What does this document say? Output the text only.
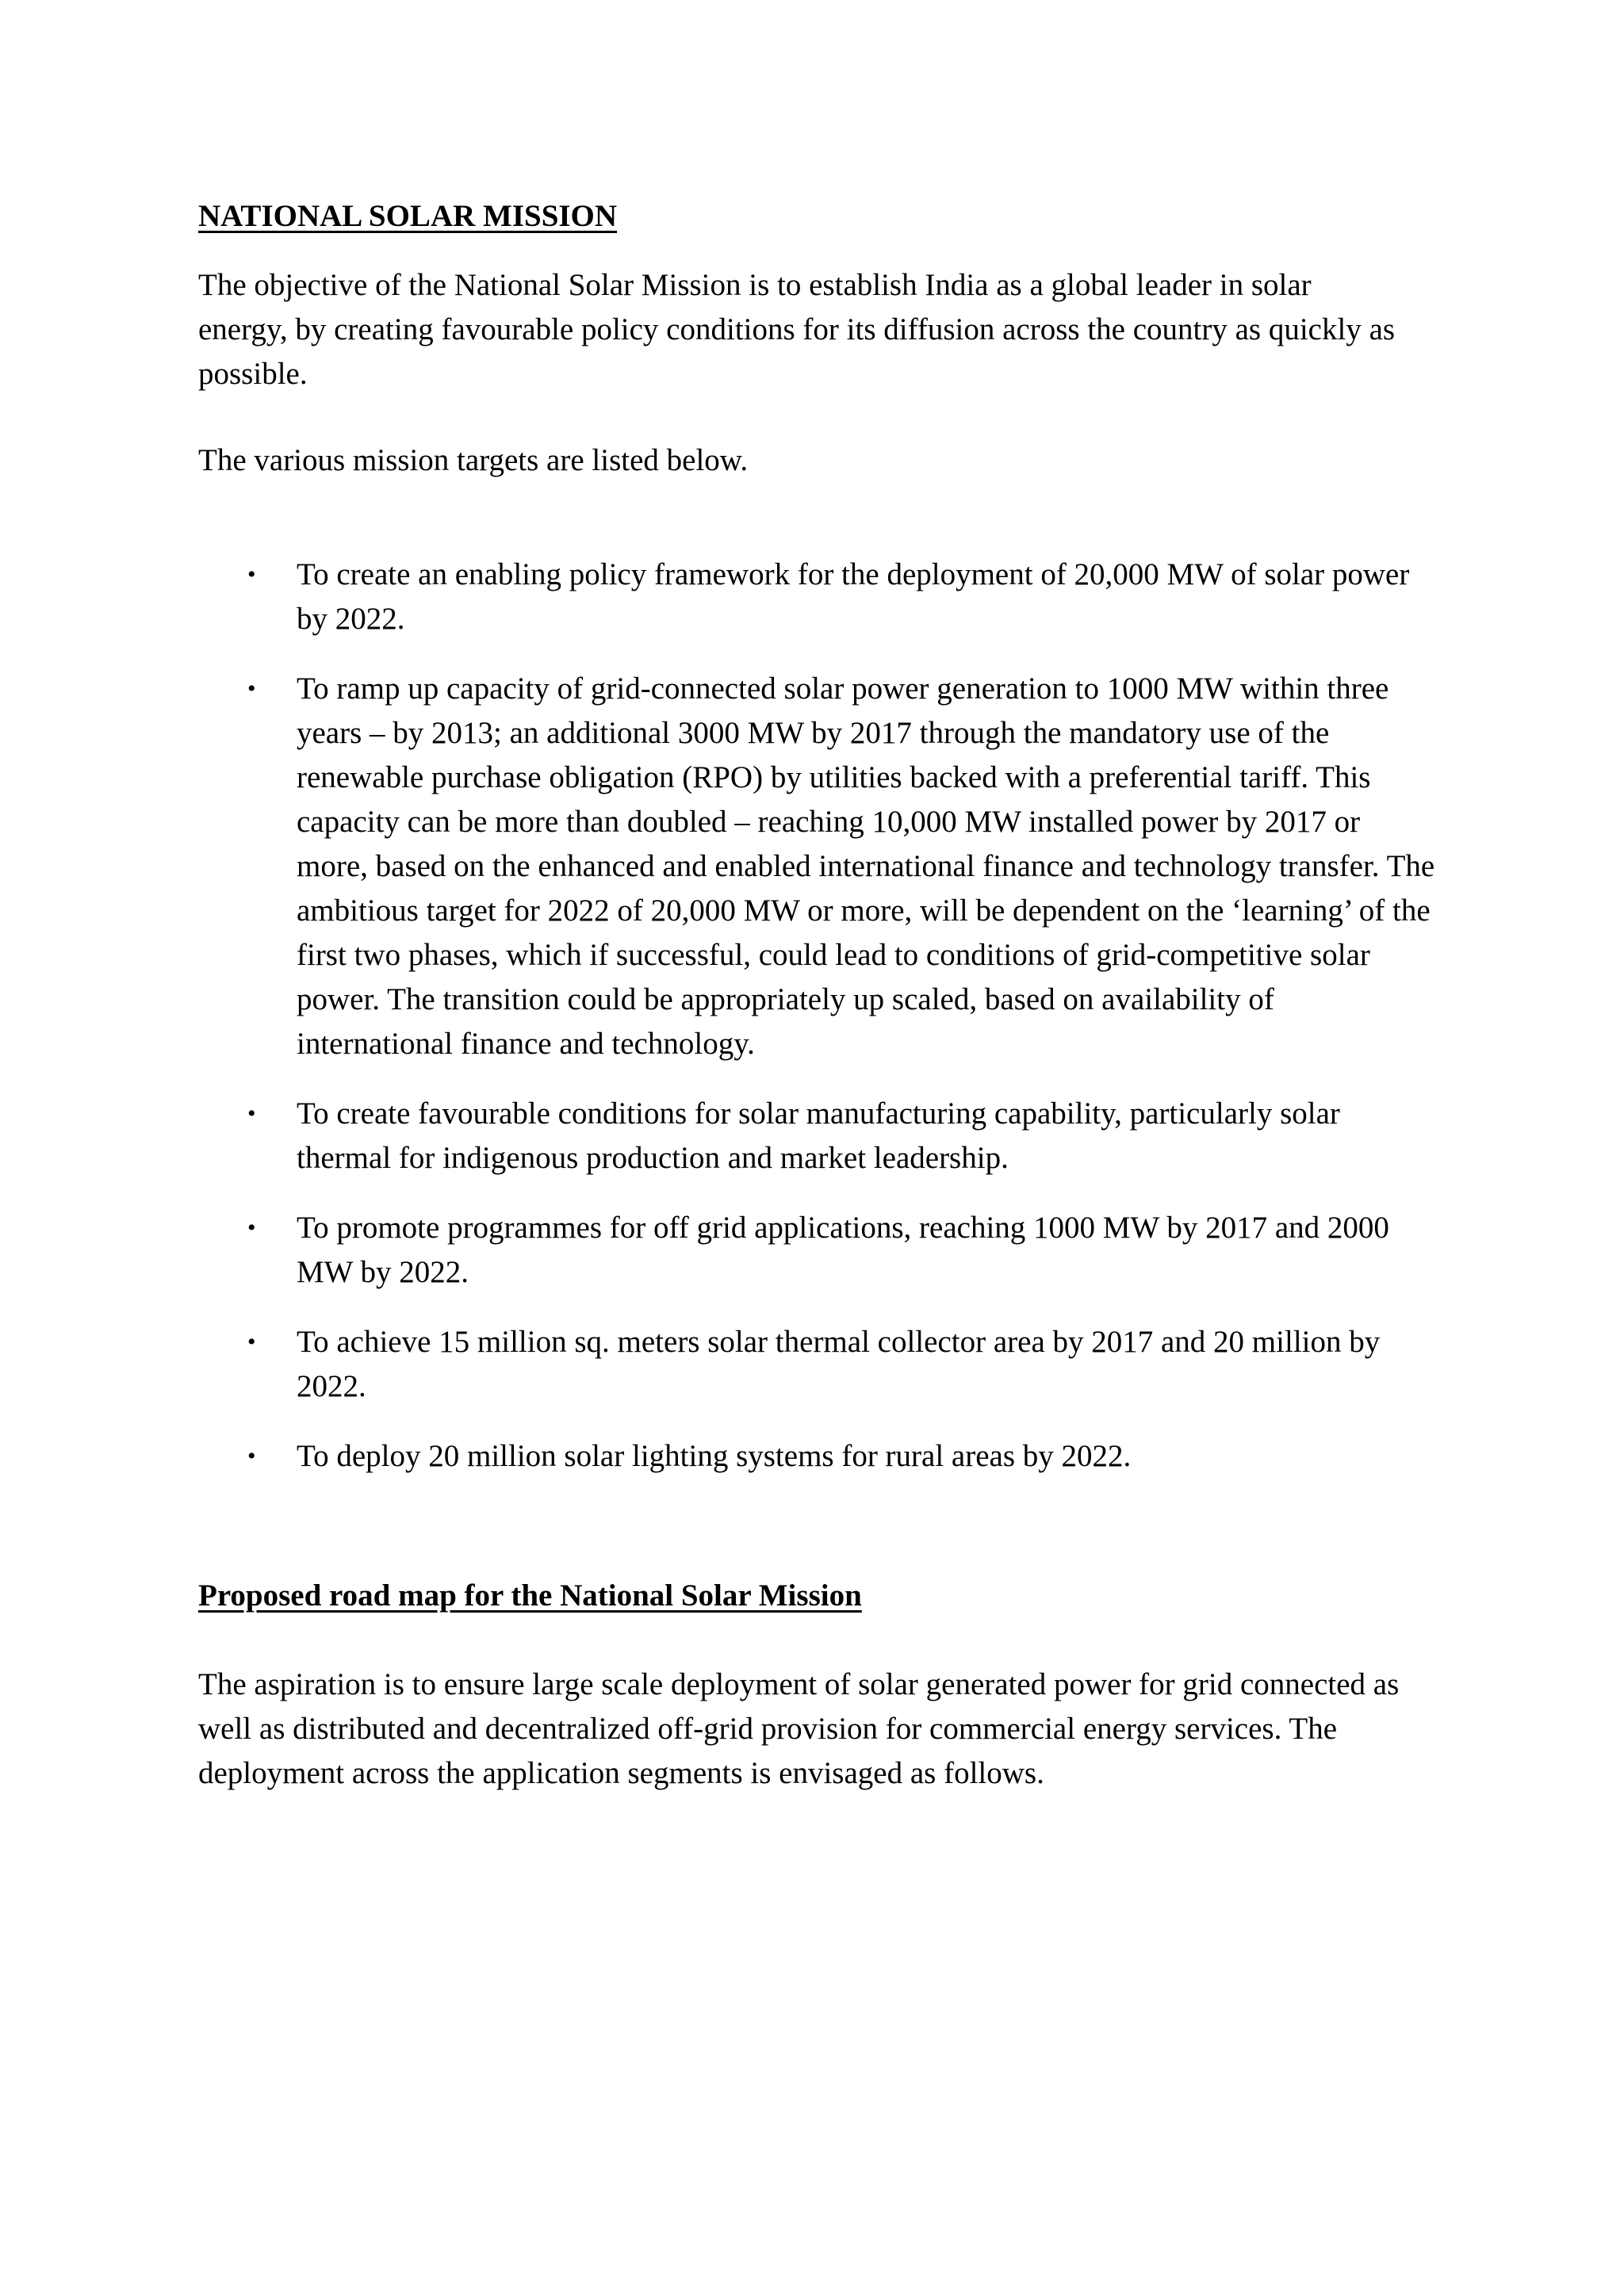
NATIONAL SOLAR MISSION

The objective of the National Solar Mission is to establish India as a global leader in solar energy, by creating favourable policy conditions for its diffusion across the country as quickly as possible.

The various mission targets are listed below.

• To create an enabling policy framework for the deployment of 20,000 MW of solar power by 2022.
• To ramp up capacity of grid-connected solar power generation to 1000 MW within three years – by 2013; an additional 3000 MW by 2017 through the mandatory use of the renewable purchase obligation (RPO) by utilities backed with a preferential tariff. This capacity can be more than doubled – reaching 10,000 MW installed power by 2017 or more, based on the enhanced and enabled international finance and technology transfer. The ambitious target for 2022 of 20,000 MW or more, will be dependent on the ‘learning’ of the first two phases, which if successful, could lead to conditions of grid-competitive solar power. The transition could be appropriately up scaled, based on availability of international finance and technology.
• To create favourable conditions for solar manufacturing capability, particularly solar thermal for indigenous production and market leadership.
• To promote programmes for off grid applications, reaching 1000 MW by 2017 and 2000 MW by 2022.
• To achieve 15 million sq. meters solar thermal collector area by 2017 and 20 million by 2022.
• To deploy 20 million solar lighting systems for rural areas by 2022.
Proposed road map for the National Solar Mission

The aspiration is to ensure large scale deployment of solar generated power for grid connected as well as distributed and decentralized off-grid provision for commercial energy services. The deployment across the application segments is envisaged as follows.
